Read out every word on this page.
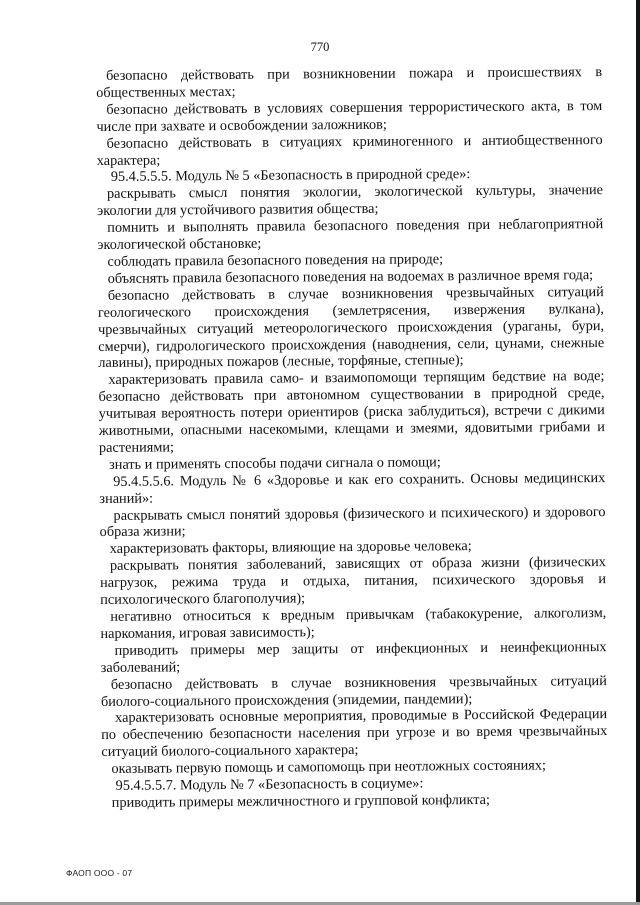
770

безопасно действовать при возникновении пожара и происшествиях в общественных местах;

безопасно действовать в условиях совершения террористического акта, в том числе при захвате и освобождении заложников;

безопасно действовать в ситуациях криминогенного и антиобщественного характера;

95.4.5.5.5. Модуль № 5 «Безопасность в природной среде»:

раскрывать смысл понятия экологии, экологической культуры, значение экологии для устойчивого развития общества;

помнить и выполнять правила безопасного поведения при неблагоприятной экологической обстановке;

соблюдать правила безопасного поведения на природе;

объяснять правила безопасного поведения на водоемах в различное время года;

безопасно действовать в случае возникновения чрезвычайных ситуаций геологического происхождения (землетрясения, извержения вулкана), чрезвычайных ситуаций метеорологического происхождения (ураганы, бури, смерчи), гидрологического происхождения (наводнения, сели, цунами, снежные лавины), природных пожаров (лесные, торфяные, степные);

характеризовать правила само- и взаимопомощи терпящим бедствие на воде; безопасно действовать при автономном существовании в природной среде, учитывая вероятность потери ориентиров (риска заблудиться), встречи с дикими животными, опасными насекомыми, клещами и змеями, ядовитыми грибами и растениями;

знать и применять способы подачи сигнала о помощи;

95.4.5.5.6. Модуль № 6 «Здоровье и как его сохранить. Основы медицинских знаний»:

раскрывать смысл понятий здоровья (физического и психического) и здорового образа жизни;

характеризовать факторы, влияющие на здоровье человека;

раскрывать понятия заболеваний, зависящих от образа жизни (физических нагрузок, режима труда и отдыха, питания, психического здоровья и психологического благополучия);

негативно относиться к вредным привычкам (табакокурение, алкоголизм, наркомания, игровая зависимость);

приводить примеры мер защиты от инфекционных и неинфекционных заболеваний;

безопасно действовать в случае возникновения чрезвычайных ситуаций биолого-социального происхождения (эпидемии, пандемии);

характеризовать основные мероприятия, проводимые в Российской Федерации по обеспечению безопасности населения при угрозе и во время чрезвычайных ситуаций биолого-социального характера;

оказывать первую помощь и самопомощь при неотложных состояниях;

95.4.5.5.7. Модуль № 7 «Безопасность в социуме»:

приводить примеры межличностного и групповой конфликта;

ФАОП ООО - 07
